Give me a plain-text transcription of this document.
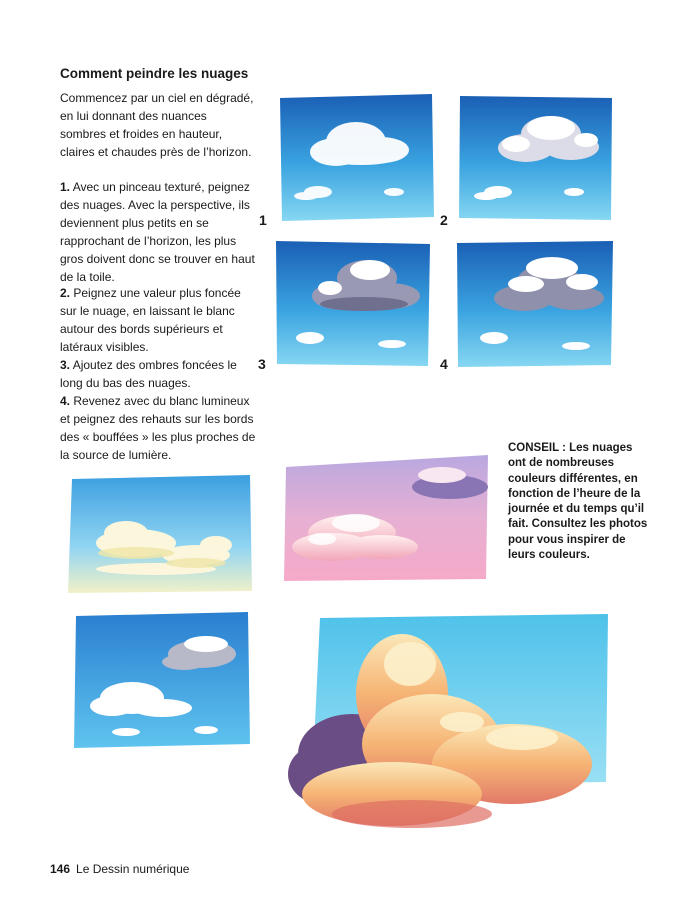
Comment peindre les nuages

Commencez par un ciel en dégradé, en lui donnant des nuances sombres et froides en hauteur, claires et chaudes près de l’horizon.

1. Avec un pinceau texturé, peignez des nuages. Avec la perspective, ils deviennent plus petits en se rapprochant de l’horizon, les plus gros doivent donc se trouver en haut de la toile.

2. Peignez une valeur plus foncée sur le nuage, en laissant le blanc autour des bords supérieurs et latéraux visibles.

3. Ajoutez des ombres foncées le long du bas des nuages.

4. Revenez avec du blanc lumineux et peignez des rehauts sur les bords des « bouffées » les plus proches de la source de lumière.

1	2
3	4

CONSEIL : Les nuages ont de nombreuses couleurs différentes, en fonction de l’heure de la journée et du temps qu’il fait. Consultez les photos pour vous inspirer de leurs couleurs.

146 Le Dessin numérique
